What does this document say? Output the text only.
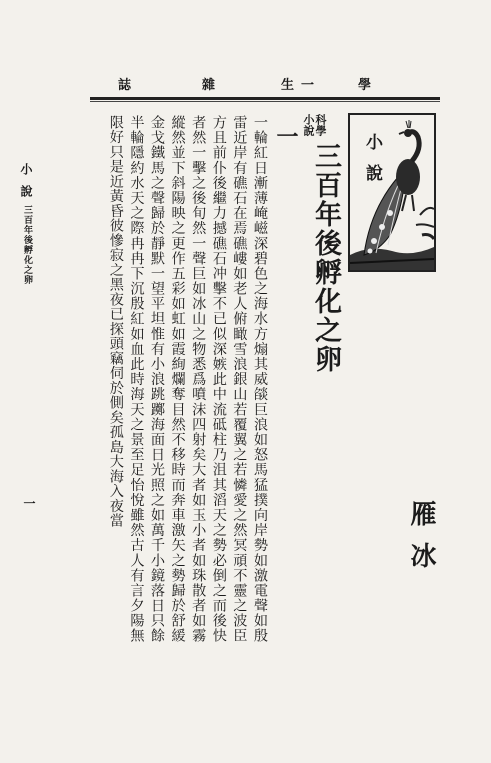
誌	雜	生 一	學
小說
三百年後孵化之卵
一	一輪紅日漸薄崦嵫深碧色之海水方煽其威燄巨浪如怒馬猛撲向岸勢如激電聲如殷雷近岸有礁石在焉礁嶁如老人俯瞰雪浪銀山若覆翼之若憐愛之然冥頑不靈之波臣方且前仆後繼力撼礁石冲擊不已似深嫉此中流砥柱乃沮其滔天之勢必倒之而後快者然一擊之後旬然一聲巨如冰山之物悉爲噴沫四射矣大者如玉小者如珠散者如霧縱然並下斜陽映之更作五彩如虹如霞絢爛奪目然不移時而奔車激矢之勢歸於舒緩金戈鐵馬之聲歸於靜默一望平坦惟有小浪跳躑海面日光照之如萬千小鏡落日只餘半輪隱約水天之際冉冉下沉殷紅如血此時海天之景至足怡悅雖然古人有言夕陽無限好只是近黃昏彼慘寂之黑夜已探頭竊伺於側矣孤島大海入夜當	一	科學小說
三百年後孵化之卵 小說
雁冰
